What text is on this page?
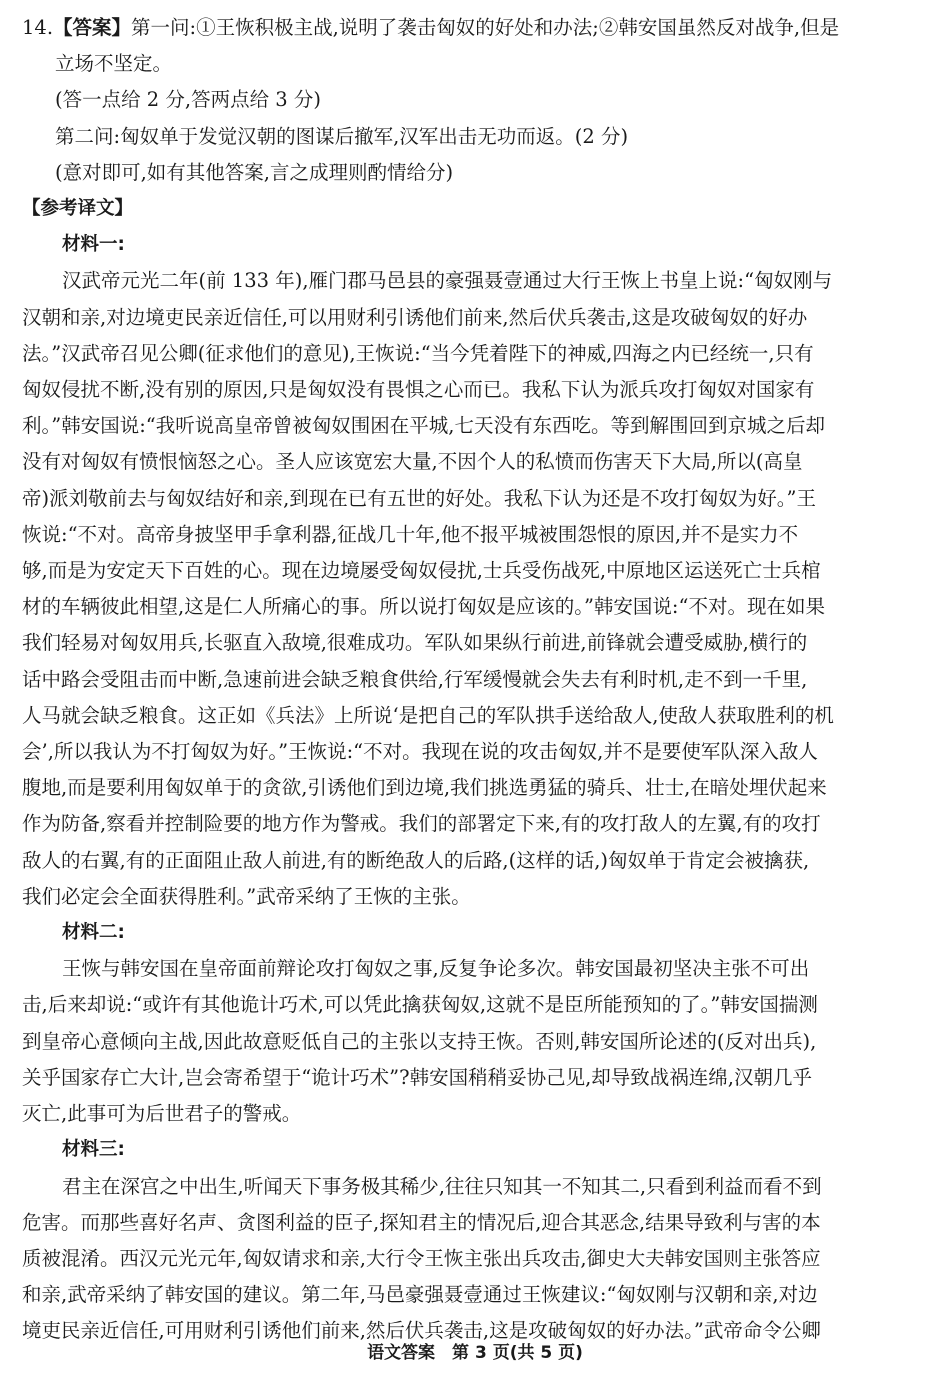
14.【答案】第一问:①王恢积极主战,说明了袭击匈奴的好处和办法;②韩安国虽然反对战争,但是
立场不坚定。
(答一点给 2 分,答两点给 3 分)
第二问:匈奴单于发觉汉朝的图谋后撤军,汉军出击无功而返。(2 分)
(意对即可,如有其他答案,言之成理则酌情给分)
【参考译文】
材料一:
汉武帝元光二年(前 133 年),雁门郡马邑县的豪强聂壹通过大行王恢上书皇上说:“匈奴刚与
汉朝和亲,对边境吏民亲近信任,可以用财利引诱他们前来,然后伏兵袭击,这是攻破匈奴的好办
法。”汉武帝召见公卿(征求他们的意见),王恢说:“当今凭着陛下的神威,四海之内已经统一,只有
匈奴侵扰不断,没有别的原因,只是匈奴没有畏惧之心而已。我私下认为派兵攻打匈奴对国家有
利。”韩安国说:“我听说高皇帝曾被匈奴围困在平城,七天没有东西吃。等到解围回到京城之后却
没有对匈奴有愤恨恼怒之心。圣人应该宽宏大量,不因个人的私愤而伤害天下大局,所以(高皇
帝)派刘敬前去与匈奴结好和亲,到现在已有五世的好处。我私下认为还是不攻打匈奴为好。”王
恢说:“不对。高帝身披坚甲手拿利器,征战几十年,他不报平城被围怨恨的原因,并不是实力不
够,而是为安定天下百姓的心。现在边境屡受匈奴侵扰,士兵受伤战死,中原地区运送死亡士兵棺
材的车辆彼此相望,这是仁人所痛心的事。所以说打匈奴是应该的。”韩安国说:“不对。现在如果
我们轻易对匈奴用兵,长驱直入敌境,很难成功。军队如果纵行前进,前锋就会遭受威胁,横行的
话中路会受阻击而中断,急速前进会缺乏粮食供给,行军缓慢就会失去有利时机,走不到一千里,
人马就会缺乏粮食。这正如《兵法》上所说‘是把自己的军队拱手送给敌人,使敌人获取胜利的机
会’,所以我认为不打匈奴为好。”王恢说:“不对。我现在说的攻击匈奴,并不是要使军队深入敌人
腹地,而是要利用匈奴单于的贪欲,引诱他们到边境,我们挑选勇猛的骑兵、壮士,在暗处埋伏起来
作为防备,察看并控制险要的地方作为警戒。我们的部署定下来,有的攻打敌人的左翼,有的攻打
敌人的右翼,有的正面阻止敌人前进,有的断绝敌人的后路,(这样的话,)匈奴单于肯定会被擒获,
我们必定会全面获得胜利。”武帝采纳了王恢的主张。
材料二:
王恢与韩安国在皇帝面前辩论攻打匈奴之事,反复争论多次。韩安国最初坚决主张不可出
击,后来却说:“或许有其他诡计巧术,可以凭此擒获匈奴,这就不是臣所能预知的了。”韩安国揣测
到皇帝心意倾向主战,因此故意贬低自己的主张以支持王恢。否则,韩安国所论述的(反对出兵),
关乎国家存亡大计,岂会寄希望于“诡计巧术”?韩安国稍稍妥协己见,却导致战祸连绵,汉朝几乎
灭亡,此事可为后世君子的警戒。
材料三:
君主在深宫之中出生,听闻天下事务极其稀少,往往只知其一不知其二,只看到利益而看不到
危害。而那些喜好名声、贪图利益的臣子,探知君主的情况后,迎合其恶念,结果导致利与害的本
质被混淆。西汉元光元年,匈奴请求和亲,大行令王恢主张出兵攻击,御史大夫韩安国则主张答应
和亲,武帝采纳了韩安国的建议。第二年,马邑豪强聂壹通过王恢建议:“匈奴刚与汉朝和亲,对边
境吏民亲近信任,可用财利引诱他们前来,然后伏兵袭击,这是攻破匈奴的好办法。”武帝命令公卿
语文答案　第 3 页(共 5 页)
